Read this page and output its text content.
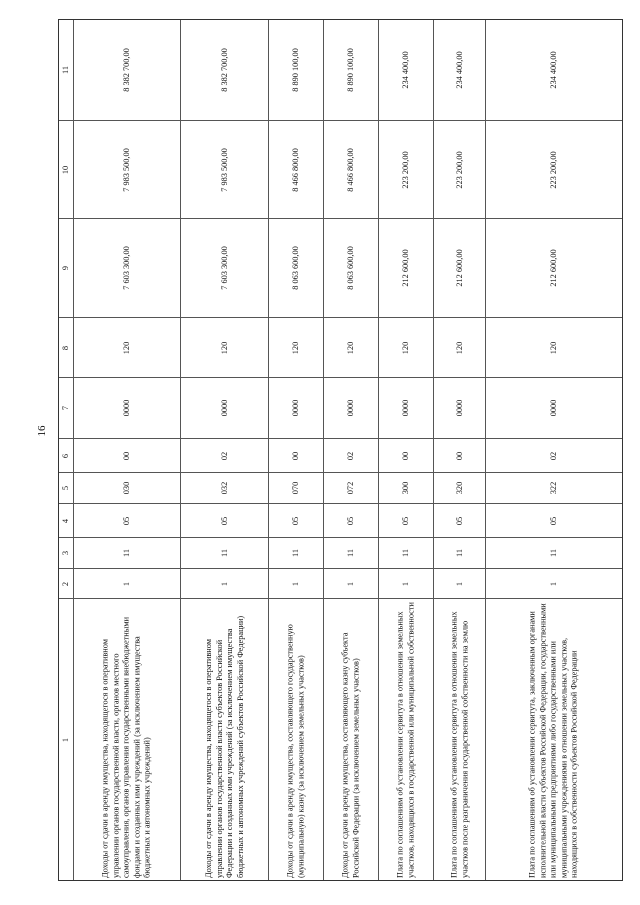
16
1
2
3
4
5
6
7
8
9
10
11
Доходы от сдачи в аренду имущества, находящегося в оперативном управлении органов государственной власти, органов местного самоуправления, органов управления государственными внебюджетными фондами и созданных ими учреждений (за исключением имущества бюджетных и автономных учреждений)
1
11
05
030
00
0000
120
7 603 300,00
7 983 500,00
8 382 700,00
Доходы от сдачи в аренду имущества, находящегося в оперативном управлении органов государственной власти субъектов Российской Федерации и созданных ими учреждений (за исключением имущества бюджетных и автономных учреждений субъектов Российской Федерации)
1
11
05
032
02
0000
120
7 603 300,00
7 983 500,00
8 382 700,00
Доходы от сдачи в аренду имущества, составляющего государственную (муниципальную) казну (за исключением земельных участков)
1
11
05
070
00
0000
120
8 063 600,00
8 466 800,00
8 890 100,00
Доходы от сдачи в аренду имущества, составляющего казну субъекта Российской Федерации (за исключением земельных участков)
1
11
05
072
02
0000
120
8 063 600,00
8 466 800,00
8 890 100,00
Плата по соглашениям об установлении сервитута в отношении земельных участков, находящихся в государственной или муниципальной собственности
1
11
05
300
00
0000
120
212 600,00
223 200,00
234 400,00
Плата по соглашениям об установлении сервитута в отношении земельных участков после разграничения государственной собственности на землю
1
11
05
320
00
0000
120
212 600,00
223 200,00
234 400,00
Плата по соглашениям об установлении сервитута, заключенным органами исполнительной власти субъектов Российской Федерации, государственными или муниципальными предприятиями либо государственными или муниципальными учреждениями в отношении земельных участков, находящихся в собственности субъектов Российской Федерации
1
11
05
322
02
0000
120
212 600,00
223 200,00
234 400,00
